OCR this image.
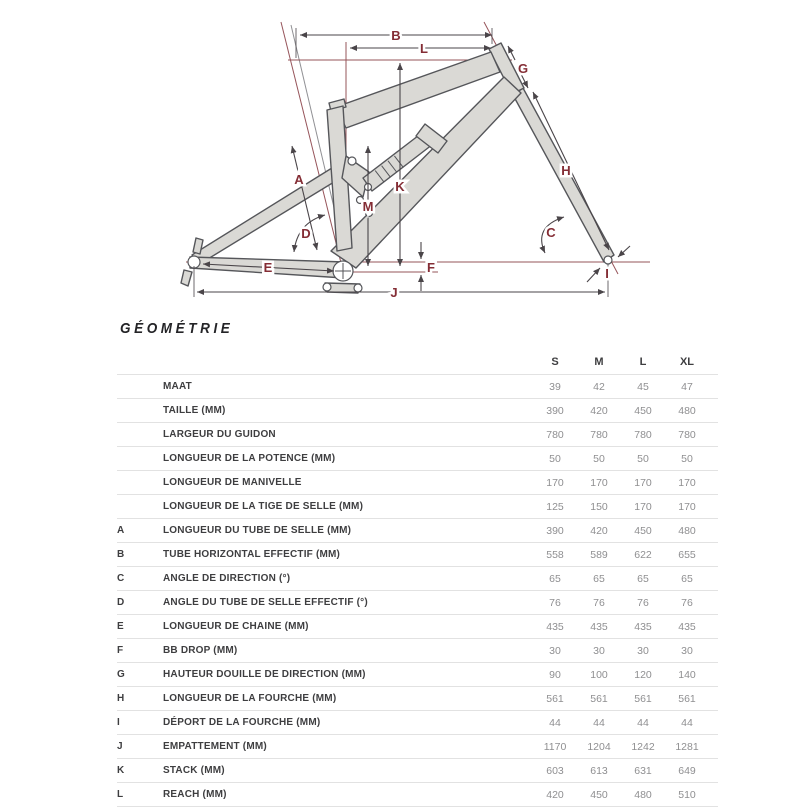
A
B
C
D
E	F
G
H
I
J
K
L
M
GÉOMÉTRIE
		S	M	L	XL	
	MAAT	39	42	45	47	
	TAILLE (MM)	390	420	450	480	
	LARGEUR DU GUIDON	780	780	780	780	
	LONGUEUR DE LA POTENCE (MM)	50	50	50	50	
	LONGUEUR DE MANIVELLE	170	170	170	170	
	LONGUEUR DE LA TIGE DE SELLE (MM)	125	150	170	170	
A	LONGUEUR DU TUBE DE SELLE (MM)	390	420	450	480	
B	TUBE HORIZONTAL EFFECTIF (MM)	558	589	622	655	
C	ANGLE DE DIRECTION (°)	65	65	65	65	
D	ANGLE DU TUBE DE SELLE EFFECTIF (°)	76	76	76	76	
E	LONGUEUR DE CHAINE (MM)	435	435	435	435	
F	BB DROP (MM)	30	30	30	30	
G	HAUTEUR DOUILLE DE DIRECTION (MM)	90	100	120	140	
H	LONGUEUR DE LA FOURCHE (MM)	561	561	561	561	
I	DÉPORT DE LA FOURCHE (MM)	44	44	44	44	
J	EMPATTEMENT (MM)	1170	1204	1242	1281	
K	STACK (MM)	603	613	631	649	
L	REACH (MM)	420	450	480	510	
